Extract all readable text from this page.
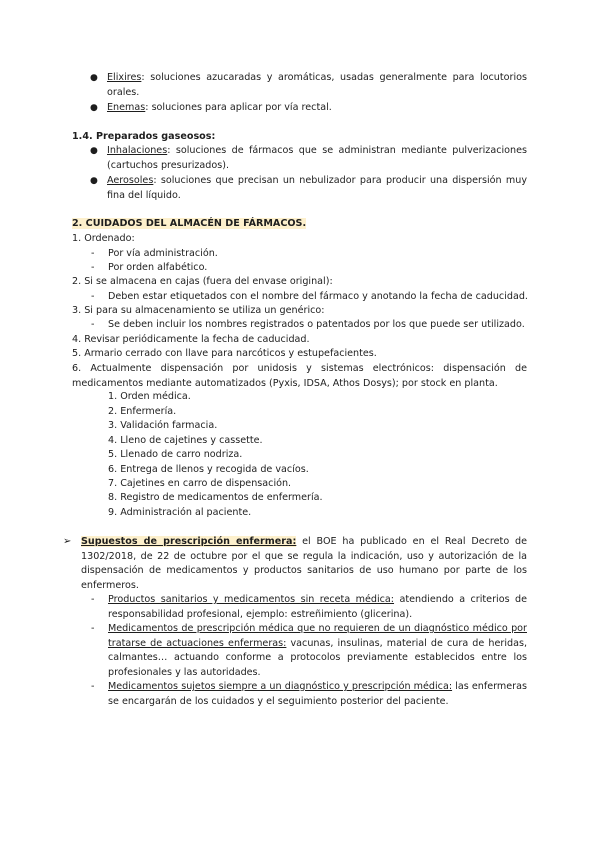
● Elixires: soluciones azucaradas y aromáticas, usadas generalmente para locutorios orales.
● Enemas: soluciones para aplicar por vía rectal.
1.4. Preparados gaseosos:
● Inhalaciones: soluciones de fármacos que se administran mediante pulverizaciones (cartuchos presurizados).
● Aerosoles: soluciones que precisan un nebulizador para producir una dispersión muy fina del líquido.
2. CUIDADOS DEL ALMACÉN DE FÁRMACOS.
1. Ordenado:
- Por vía administración.
- Por orden alfabético.
2. Si se almacena en cajas (fuera del envase original):
- Deben estar etiquetados con el nombre del fármaco y anotando la fecha de caducidad.
3. Si para su almacenamiento se utiliza un genérico:
- Se deben incluir los nombres registrados o patentados por los que puede ser utilizado.
4. Revisar periódicamente la fecha de caducidad.
5. Armario cerrado con llave para narcóticos y estupefacientes.
6. Actualmente dispensación por unidosis y sistemas electrónicos: dispensación de medicamentos mediante automatizados (Pyxis, IDSA, Athos Dosys); por stock en planta.
1. Orden médica.
2. Enfermería.
3. Validación farmacia.
4. Lleno de cajetines y cassette.
5. Llenado de carro nodriza.
6. Entrega de llenos y recogida de vacíos.
7. Cajetines en carro de dispensación.
8. Registro de medicamentos de enfermería.
9. Administración al paciente.
➢ Supuestos de prescripción enfermera: el BOE ha publicado en el Real Decreto de 1302/2018, de 22 de octubre por el que se regula la indicación, uso y autorización de la dispensación de medicamentos y productos sanitarios de uso humano por parte de los enfermeros.
- Productos sanitarios y medicamentos sin receta médica: atendiendo a criterios de responsabilidad profesional, ejemplo: estreñimiento (glicerina).
- Medicamentos de prescripción médica que no requieren de un diagnóstico médico por tratarse de actuaciones enfermeras: vacunas, insulinas, material de cura de heridas, calmantes… actuando conforme a protocolos previamente establecidos entre los profesionales y las autoridades.
- Medicamentos sujetos siempre a un diagnóstico y prescripción médica: las enfermeras se encargarán de los cuidados y el seguimiento posterior del paciente.
